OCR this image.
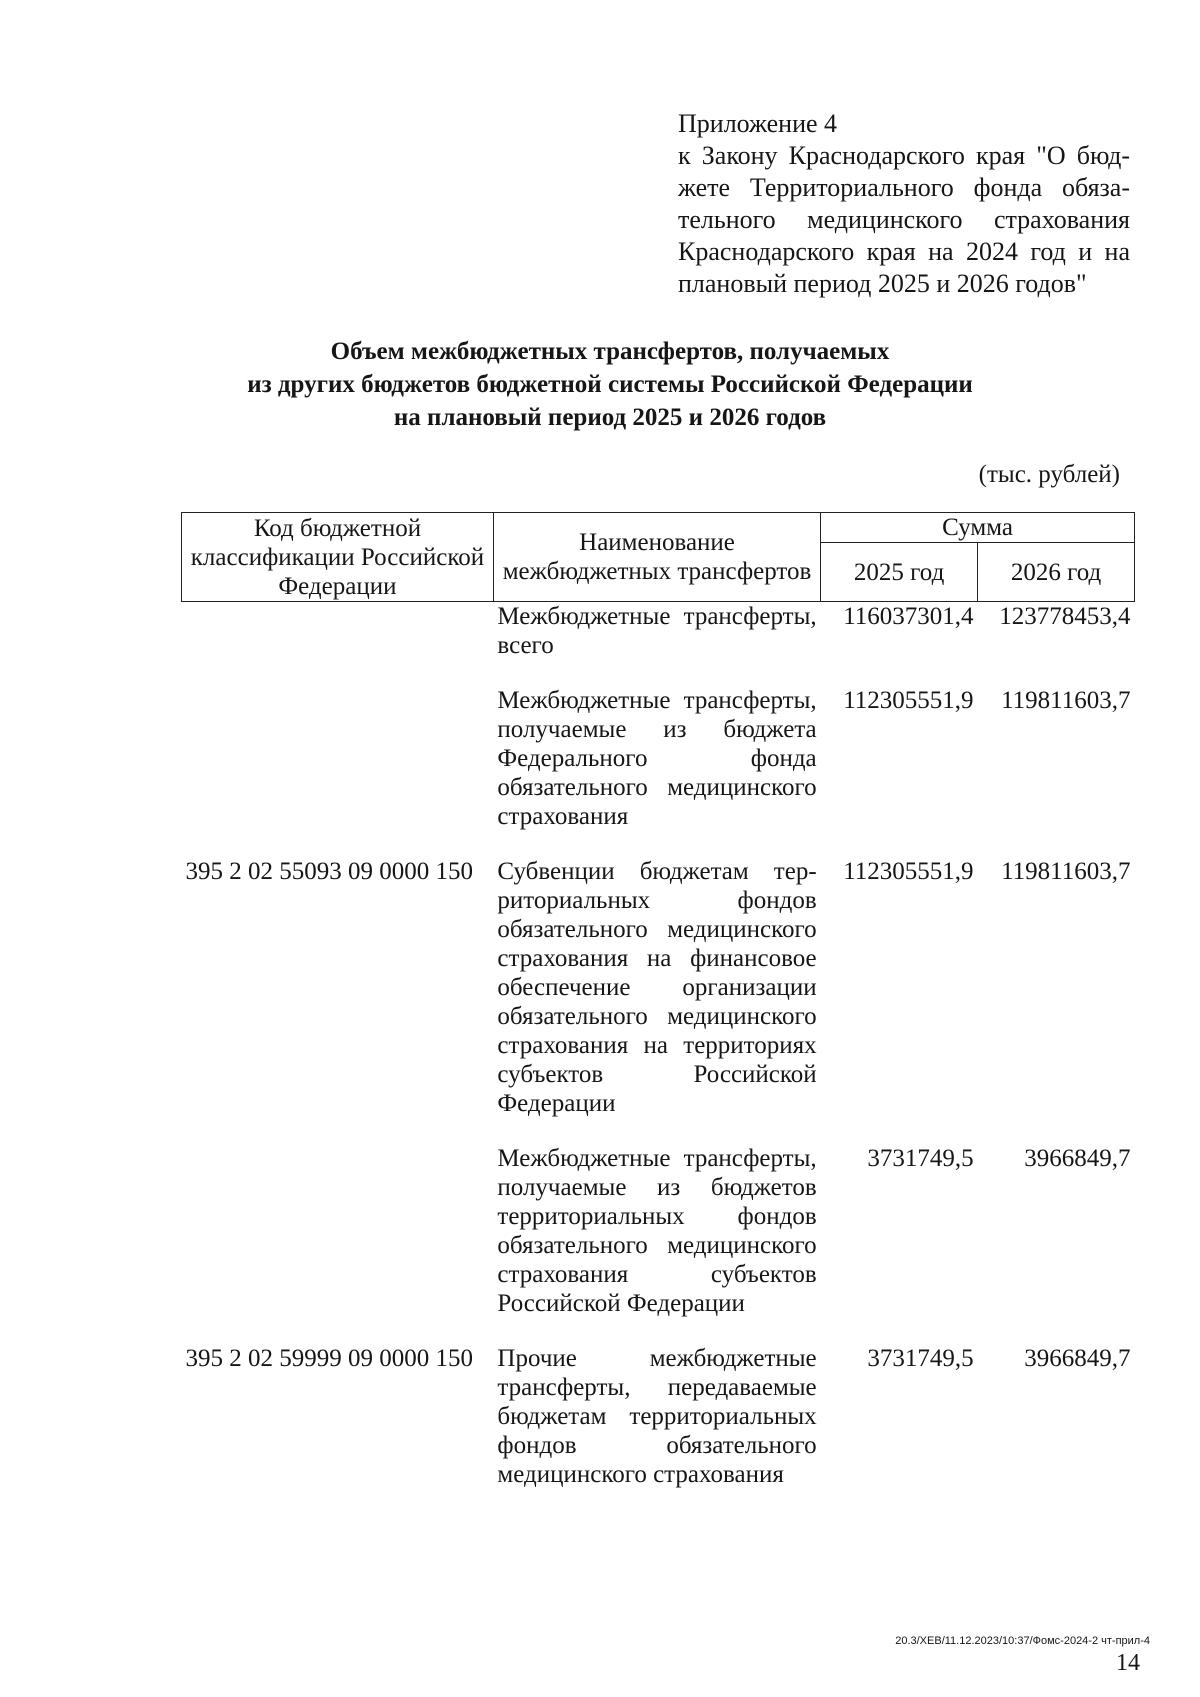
Приложение 4
к Закону Краснодарского края "О бюд-
жете Территориального фонда обяза-
тельного медицинского страхования
Краснодарского края на 2024 год и на
плановый период 2025 и 2026 годов"
Объем межбюджетных трансфертов, получаемых
из других бюджетов бюджетной системы Российской Федерации
на плановый период 2025 и 2026 годов
(тыс. рублей)
Код бюджетной классификации Российской Федерации	Наименование межбюджетных трансфертов	Сумма	
		2025 год	2026 год
	Межбюджетные трансферты, всего	116037301,4	123778453,4
	Межбюджетные трансферты, получаемые из бюджета Федерального фонда обязательного медицинского страхования	112305551,9	119811603,7
395 2 02 55093 09 0000 150	Субвенции бюджетам территориальных фондов обязательного медицинского страхования на финансовое обеспечение организации обязательного медицинского страхования на территориях субъектов Российской Федерации	112305551,9	119811603,7
	Межбюджетные трансферты, получаемые из бюджетов территориальных фондов обязательного медицинского страхования субъектов Российской Федерации	3731749,5	3966849,7
395 2 02 59999 09 0000 150	Прочие межбюджетные трансферты, передаваемые бюджетам территориальных фондов обязательного медицинского страхования	3731749,5	3966849,7
20.3/ХЕВ/11.12.2023/10:37/Фомс-2024-2 чт-прил-4
14
